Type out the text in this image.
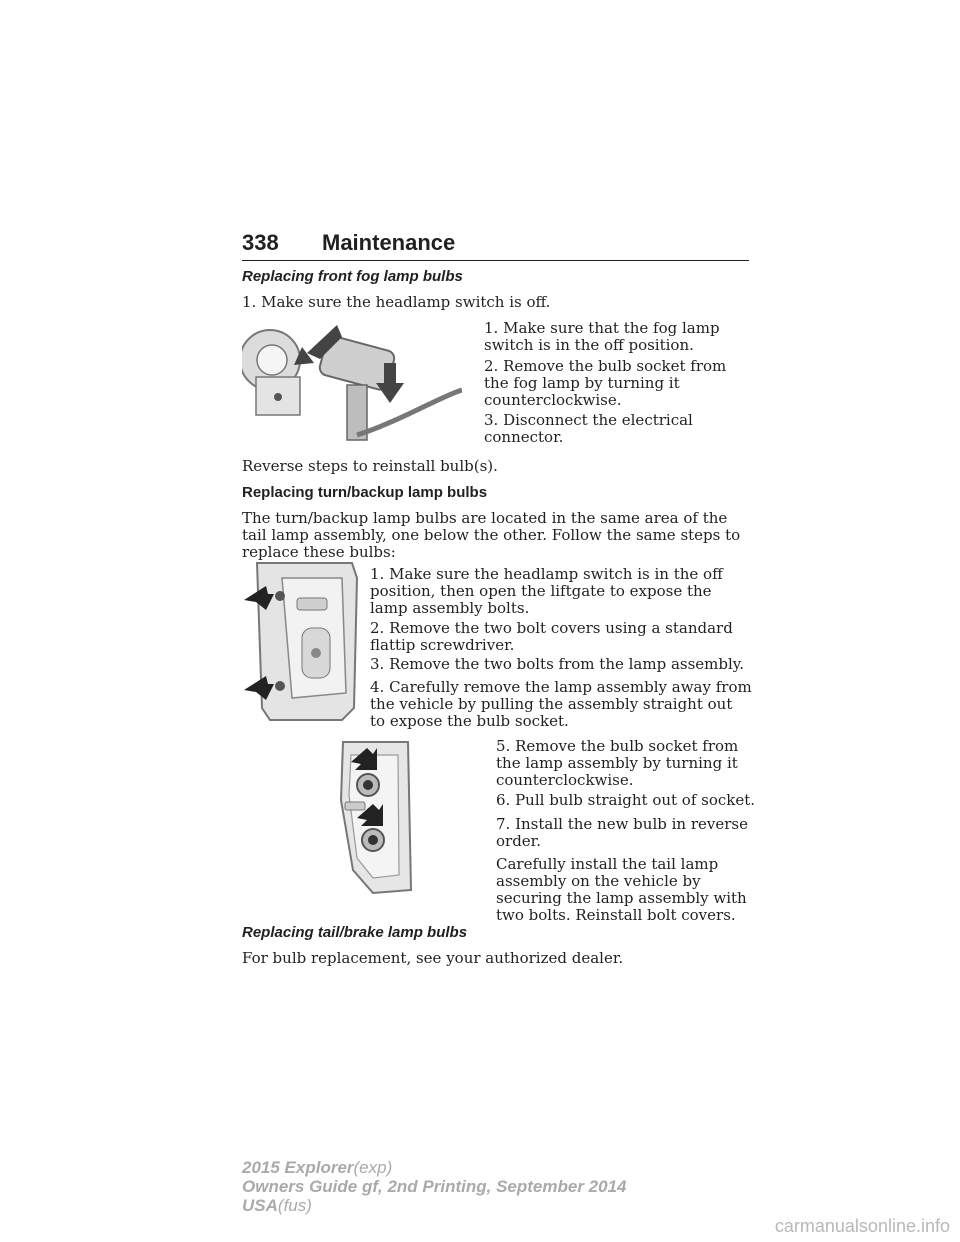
338 Maintenance
Replacing front fog lamp bulbs
1. Make sure the headlamp switch is off.
1. Make sure that the fog lamp switch is in the off position.
2. Remove the bulb socket from the fog lamp by turning it counterclockwise.
3. Disconnect the electrical connector.
Reverse steps to reinstall bulb(s).
Replacing turn/backup lamp bulbs
The turn/backup lamp bulbs are located in the same area of the tail lamp assembly, one below the other. Follow the same steps to replace these bulbs:
1. Make sure the headlamp switch is in the off position, then open the liftgate to expose the lamp assembly bolts.
2. Remove the two bolt covers using a standard flattip screwdriver.
3. Remove the two bolts from the lamp assembly.
4. Carefully remove the lamp assembly away from the vehicle by pulling the assembly straight out to expose the bulb socket.
5. Remove the bulb socket from the lamp assembly by turning it counterclockwise.
6. Pull bulb straight out of socket.
7. Install the new bulb in reverse order.
Carefully install the tail lamp assembly on the vehicle by securing the lamp assembly with two bolts. Reinstall bolt covers.
Replacing tail/brake lamp bulbs
For bulb replacement, see your authorized dealer.
2015 Explorer(exp)
Owners Guide gf, 2nd Printing, September 2014
USA(fus)
carmanualsonline.info
